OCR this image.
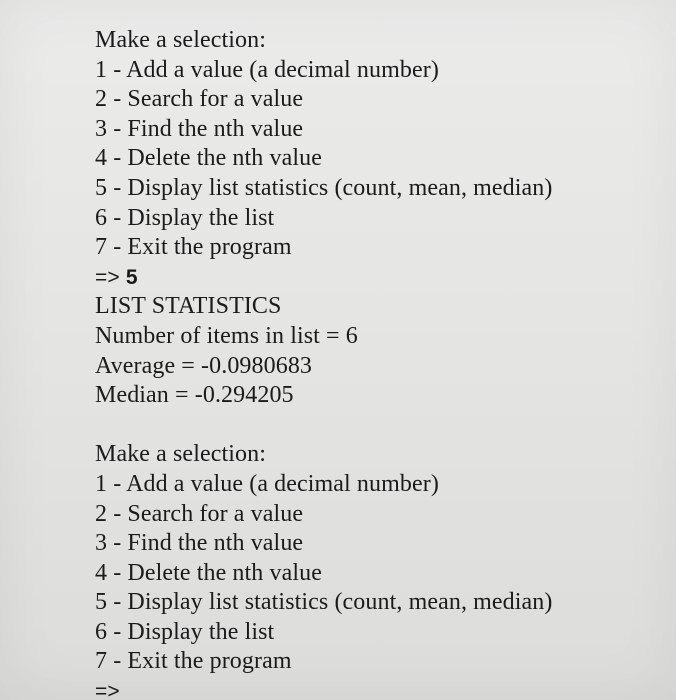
Make a selection:
1 - Add a value (a decimal number)
2 - Search for a value
3 - Find the nth value
4 - Delete the nth value
5 - Display list statistics (count, mean, median)
6 - Display the list
7 - Exit the program
=> 5
LIST STATISTICS
Number of items in list = 6
Average = -0.0980683
Median = -0.294205
Make a selection:
1 - Add a value (a decimal number)
2 - Search for a value
3 - Find the nth value
4 - Delete the nth value
5 - Display list statistics (count, mean, median)
6 - Display the list
7 - Exit the program
=>
